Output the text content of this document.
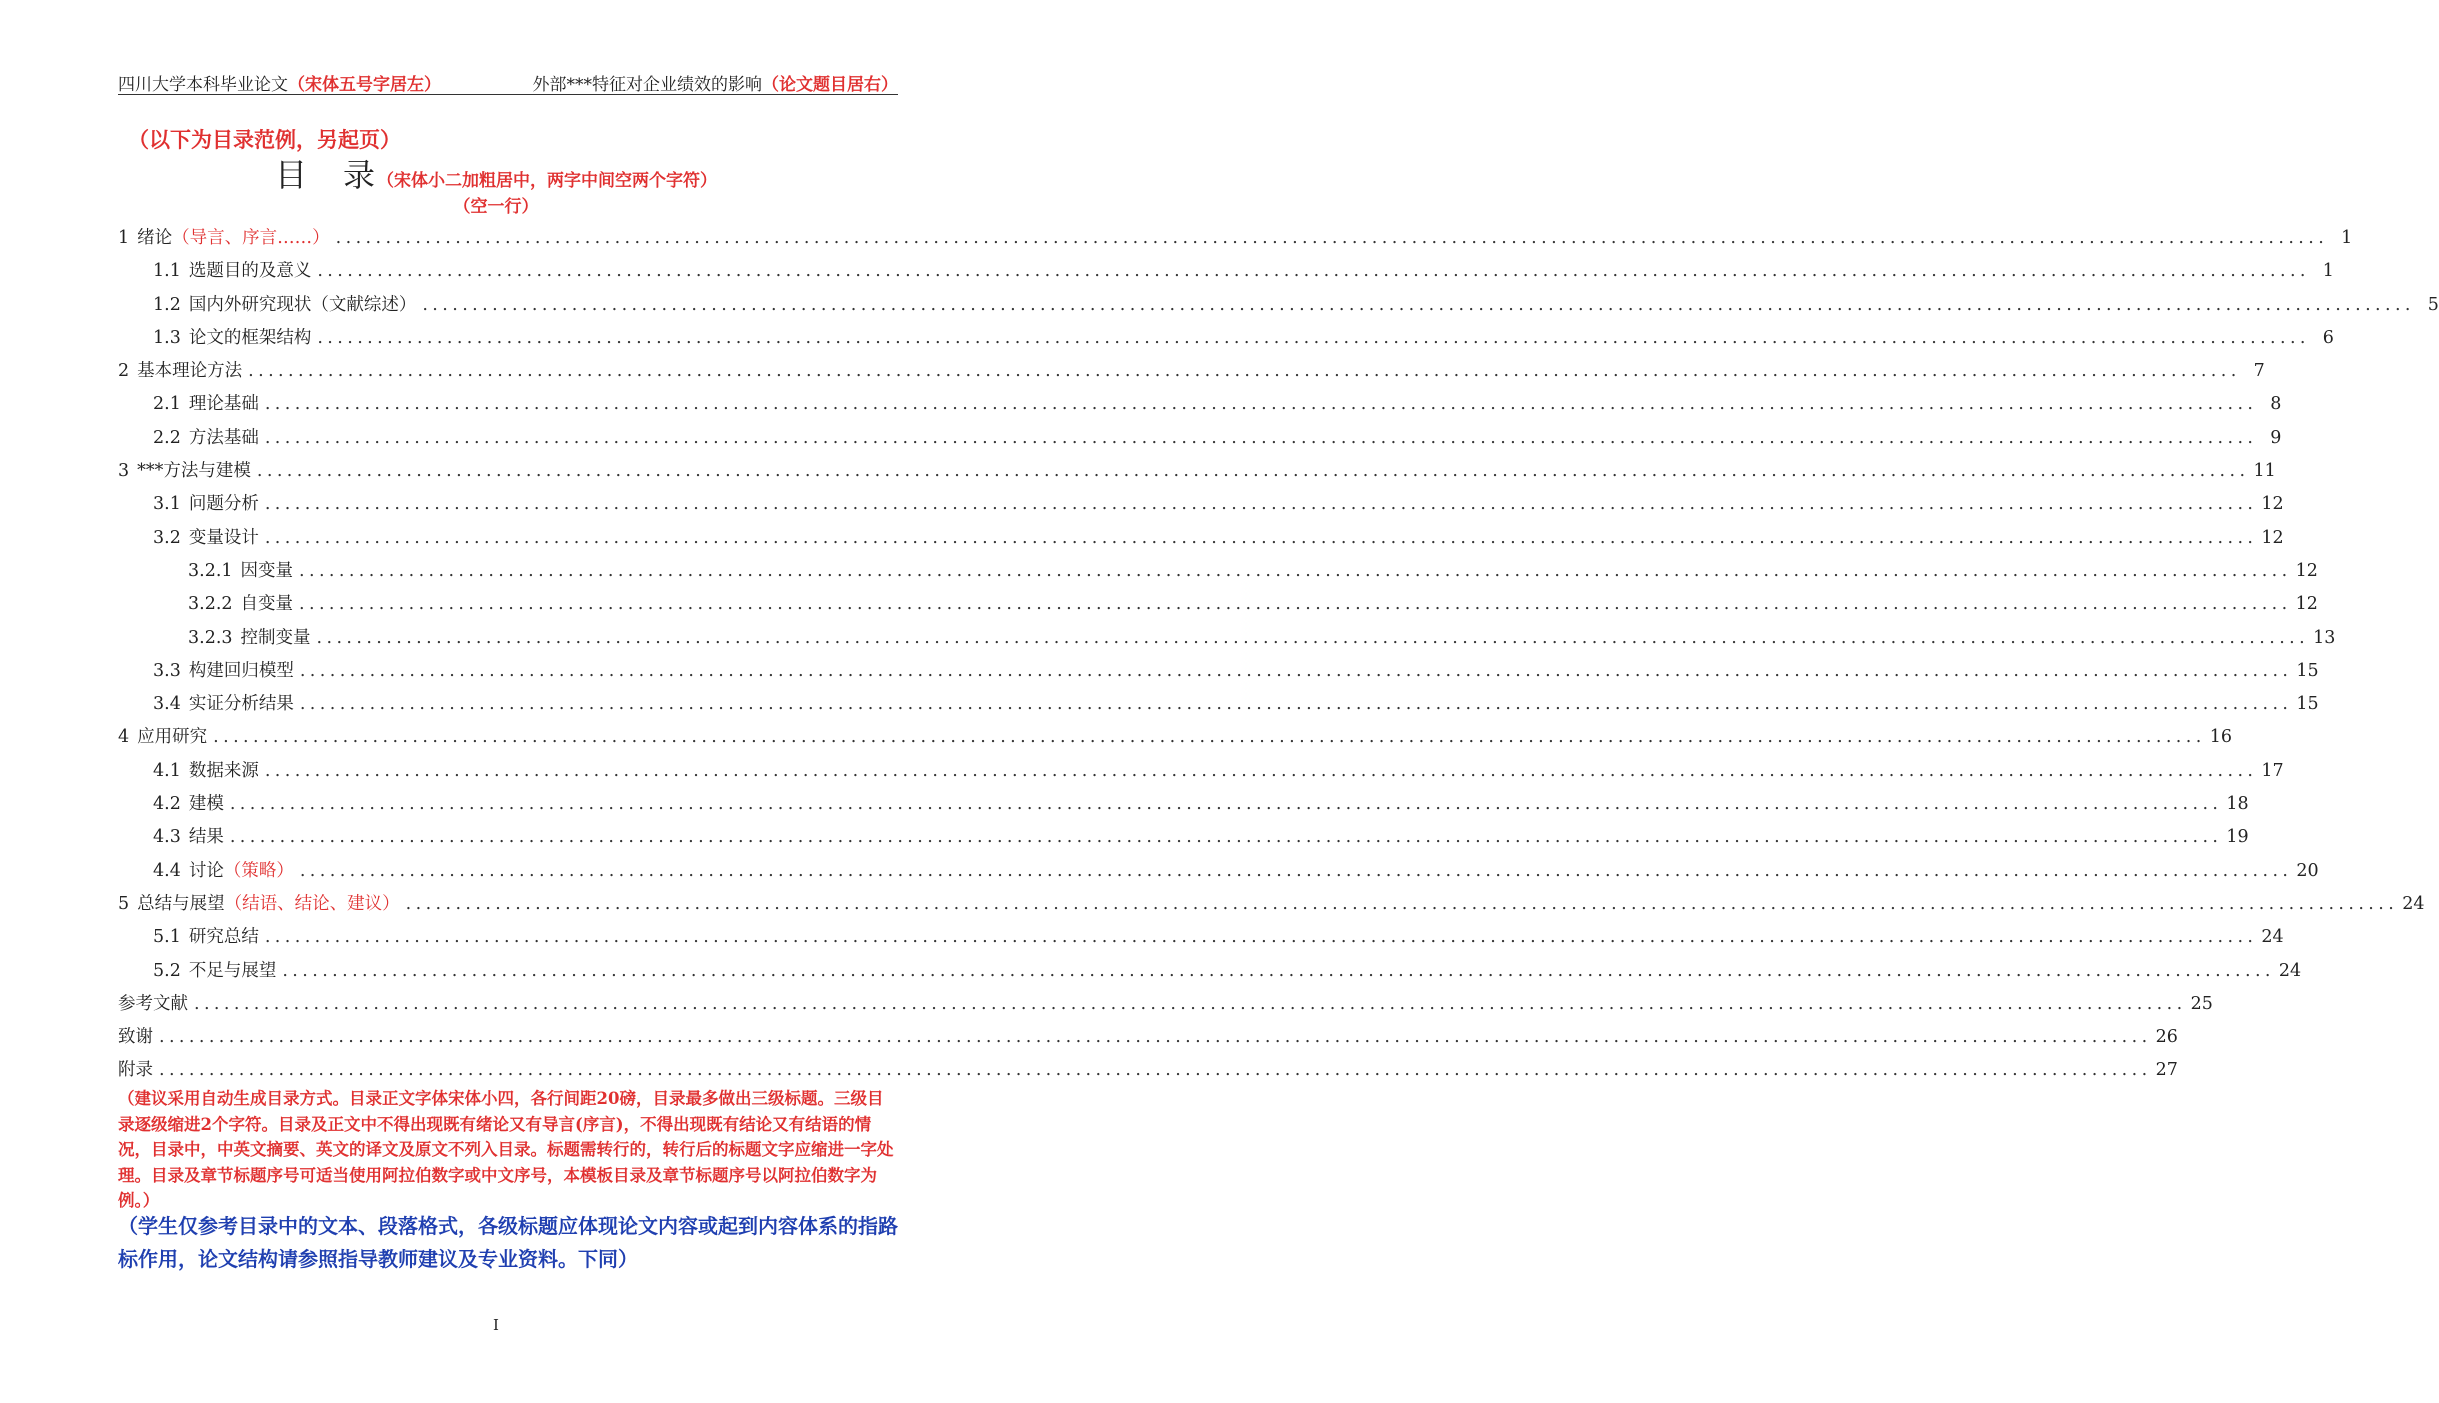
四川大学本科毕业论文（宋体五号字居左）	外部***特征对企业绩效的影响（论文题目居右）
（以下为目录范例，另起页）
目　录（宋体小二加粗居中，两字中间空两个字符）
（空一行）
1 绪论（导言、序言……） ........................................................................................................................................................................................................ 1
1.1 选题目的及意义 ........................................................................................................................................................................................................ 1
1.2 国内外研究现状（文献综述） ........................................................................................................................................................................................................ 5
1.3 论文的框架结构 ........................................................................................................................................................................................................ 6
2 基本理论方法 ........................................................................................................................................................................................................ 7
2.1 理论基础 ........................................................................................................................................................................................................ 8
2.2 方法基础 ........................................................................................................................................................................................................ 9
3 ***方法与建模 ........................................................................................................................................................................................................ 11
3.1 问题分析 ........................................................................................................................................................................................................ 12
3.2 变量设计 ........................................................................................................................................................................................................ 12
3.2.1 因变量 ........................................................................................................................................................................................................ 12
3.2.2 自变量 ........................................................................................................................................................................................................ 12
3.2.3 控制变量 ........................................................................................................................................................................................................ 13
3.3 构建回归模型 ........................................................................................................................................................................................................ 15
3.4 实证分析结果 ........................................................................................................................................................................................................ 15
4 应用研究 ........................................................................................................................................................................................................ 16
4.1 数据来源 ........................................................................................................................................................................................................ 17
4.2 建模 ........................................................................................................................................................................................................ 18
4.3 结果 ........................................................................................................................................................................................................ 19
4.4 讨论（策略） ........................................................................................................................................................................................................ 20
5 总结与展望（结语、结论、建议） ........................................................................................................................................................................................................ 24
5.1 研究总结 ........................................................................................................................................................................................................ 24
5.2 不足与展望 ........................................................................................................................................................................................................ 24
参考文献 ........................................................................................................................................................................................................ 25
致谢 ........................................................................................................................................................................................................ 26
附录 ........................................................................................................................................................................................................ 27
（建议采用自动生成目录方式。目录正文字体宋体小四，各行间距20磅，目录最多做出三级标题。三级目录逐级缩进2个字符。目录及正文中不得出现既有绪论又有导言(序言)，不得出现既有结论又有结语的情况，目录中，中英文摘要、英文的译文及原文不列入目录。标题需转行的，转行后的标题文字应缩进一字处理。目录及章节标题序号可适当使用阿拉伯数字或中文序号，本模板目录及章节标题序号以阿拉伯数字为例。）
（学生仅参考目录中的文本、段落格式，各级标题应体现论文内容或起到内容体系的指路标作用，论文结构请参照指导教师建议及专业资料。下同）
I
